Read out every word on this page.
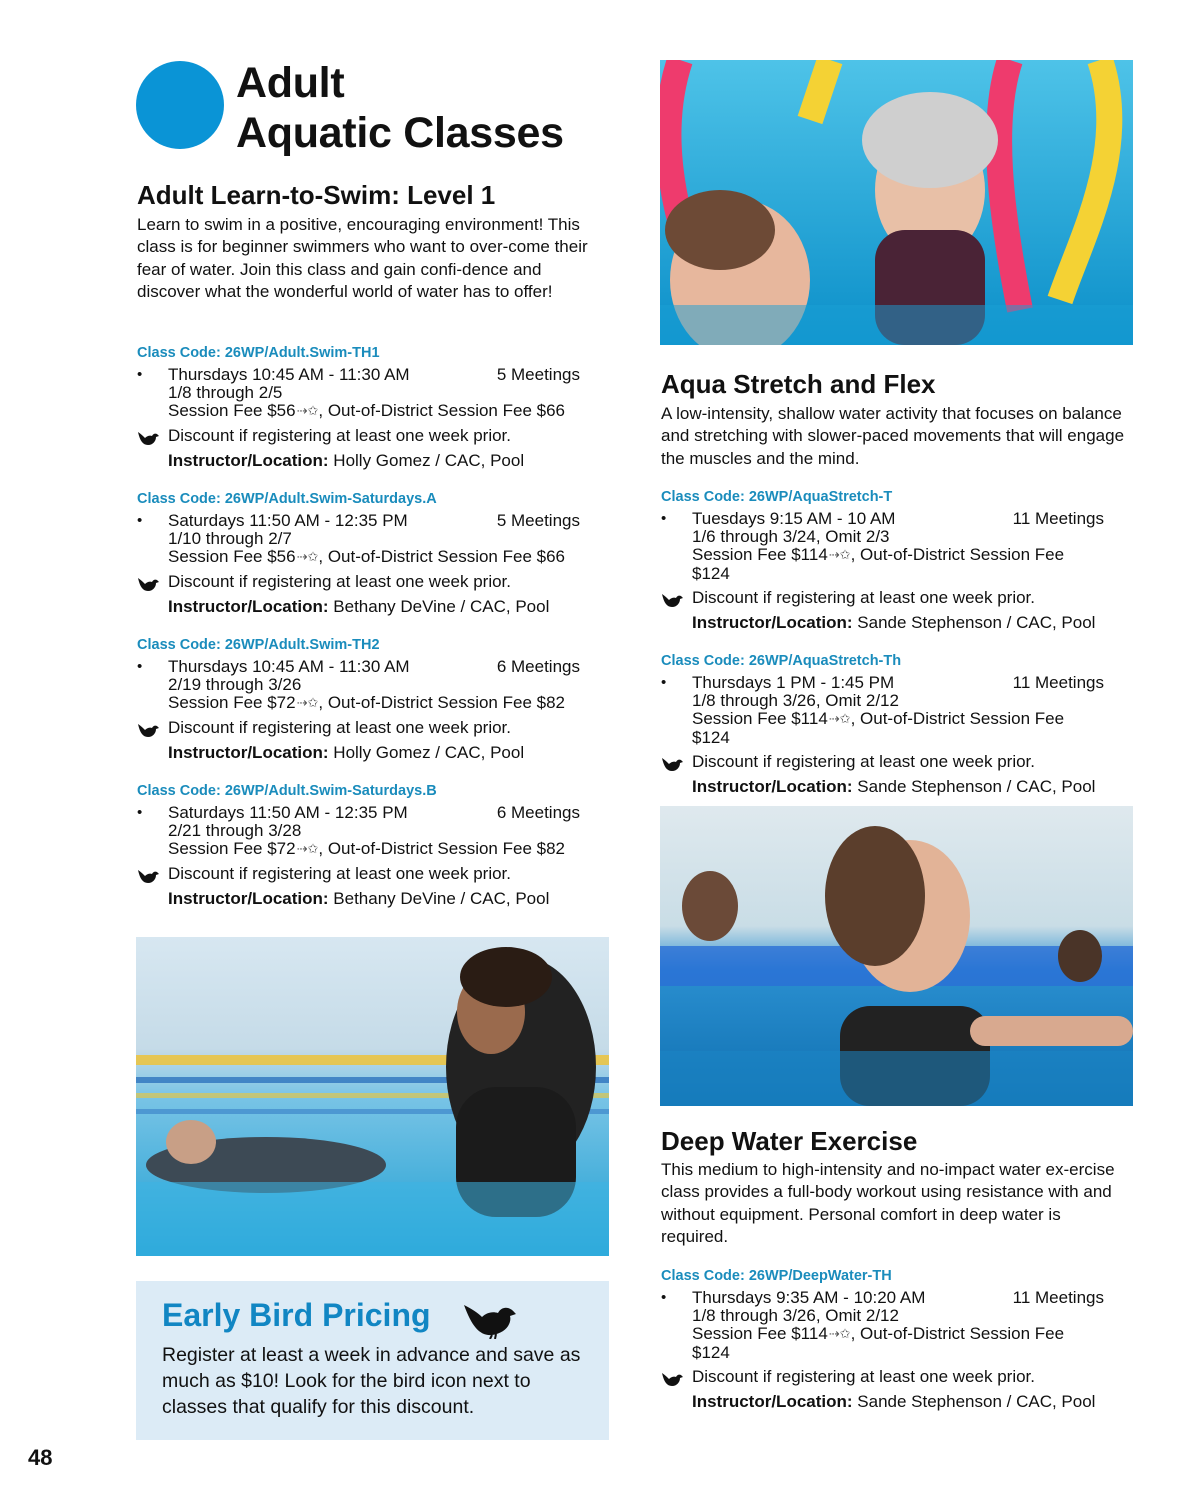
Adult
Aquatic Classes
Adult Learn-to-Swim: Level 1
Learn to swim in a positive, encouraging environment! This class is for beginner swimmers who want to over-come their fear of water. Join this class and gain confi-dence and discover what the wonderful world of water has to offer!
Class Code: 26WP/Adult.Swim-TH1
• Thursdays 10:45 AM - 11:30 AM	5 Meetings
1/8 through 2/5
Session Fee $56⇢✩, Out-of-District Session Fee $66
Discount if registering at least one week prior.
Instructor/Location: Holly Gomez / CAC, Pool
Class Code: 26WP/Adult.Swim-Saturdays.A
• Saturdays 11:50 AM - 12:35 PM	5 Meetings
1/10 through 2/7
Session Fee $56⇢✩, Out-of-District Session Fee $66
Discount if registering at least one week prior.
Instructor/Location: Bethany DeVine / CAC, Pool
Class Code: 26WP/Adult.Swim-TH2
• Thursdays 10:45 AM - 11:30 AM	6 Meetings
2/19 through 3/26
Session Fee $72⇢✩, Out-of-District Session Fee $82
Discount if registering at least one week prior.
Instructor/Location: Holly Gomez / CAC, Pool
Class Code: 26WP/Adult.Swim-Saturdays.B
• Saturdays 11:50 AM - 12:35 PM	6 Meetings
2/21 through 3/28
Session Fee $72⇢✩, Out-of-District Session Fee $82
Discount if registering at least one week prior.
Instructor/Location: Bethany DeVine / CAC, Pool
Early Bird Pricing
Register at least a week in advance and save as much as $10! Look for the bird icon next to classes that qualify for this discount.
48
Aqua Stretch and Flex
A low-intensity, shallow water activity that focuses on balance and stretching with slower-paced movements that will engage the muscles and the mind.
Class Code: 26WP/AquaStretch-T
• Tuesdays 9:15 AM - 10 AM	11 Meetings
1/6 through 3/24, Omit 2/3
Session Fee $114⇢✩, Out-of-District Session Fee $124
Discount if registering at least one week prior.
Instructor/Location: Sande Stephenson / CAC, Pool
Class Code: 26WP/AquaStretch-Th
• Thursdays 1 PM - 1:45 PM	11 Meetings
1/8 through 3/26, Omit 2/12
Session Fee $114⇢✩, Out-of-District Session Fee $124
Discount if registering at least one week prior.
Instructor/Location: Sande Stephenson / CAC, Pool
Deep Water Exercise
This medium to high-intensity and no-impact water ex-ercise class provides a full-body workout using resistance with and without equipment. Personal comfort in deep water is required.
Class Code: 26WP/DeepWater-TH
• Thursdays 9:35 AM - 10:20 AM	11 Meetings
1/8 through 3/26, Omit 2/12
Session Fee $114⇢✩, Out-of-District Session Fee $124
Discount if registering at least one week prior.
Instructor/Location: Sande Stephenson / CAC, Pool
